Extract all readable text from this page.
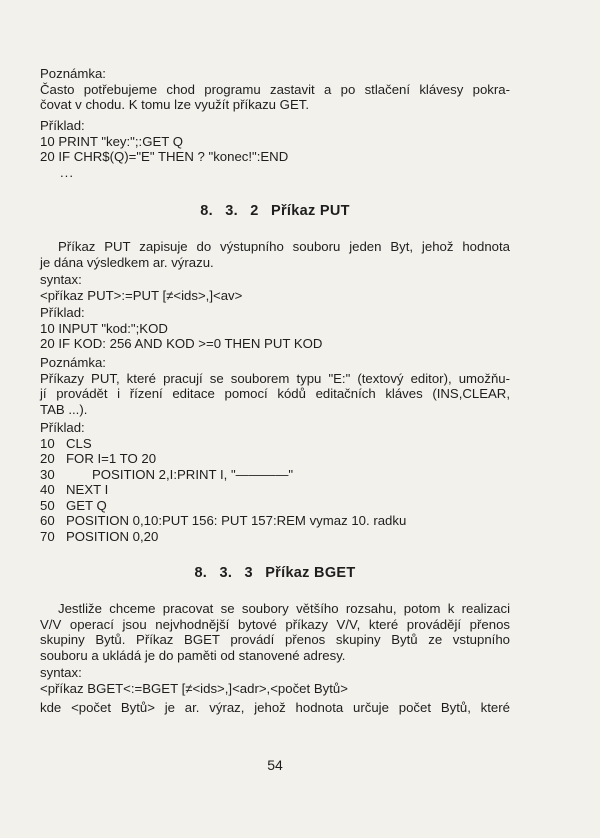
Poznámka:
Často potřebujeme chod programu zastavit a po stlačení klávesy pokra-
čovat v chodu. K tomu lze využít příkazu GET.
Příklad:
10 PRINT "key:";:GET Q
20 IF CHR$(Q)="E" THEN ? "konec!":END
...
8. 3. 2 Příkaz PUT
Příkaz PUT zapisuje do výstupního souboru jeden Byt, jehož hodnota
je dána výsledkem ar. výrazu.
syntax:
<příkaz PUT>:=PUT [≠<ids>,]<av>
Příklad:
10 INPUT "kod:";KOD
20 IF KOD: 256 AND KOD >=0 THEN PUT KOD
Poznámka:
Příkazy PUT, které pracují se souborem typu "E:" (textový editor), umožňu-
jí provádět i řízení editace pomocí kódů editačních kláves (INS,CLEAR,
TAB ...).
Příklad:
10 CLS
20 FOR I=1 TO 20
30	POSITION 2,I:PRINT I, "————"
40 NEXT I
50 GET Q
60 POSITION 0,10:PUT 156: PUT 157:REM vymaz 10. radku
70 POSITION 0,20
8. 3. 3 Příkaz BGET
Jestliže chceme pracovat se soubory většího rozsahu, potom k realizaci
V/V operací jsou nejvhodnější bytové příkazy V/V, které provádějí přenos
skupiny Bytů. Příkaz BGET provádí přenos skupiny Bytů ze vstupního
souboru a ukládá je do paměti od stanovené adresy.
syntax:
<příkaz BGET<:=BGET [≠<ids>,]<adr>,<počet Bytů>
kde <počet Bytů> je ar. výraz, jehož hodnota určuje počet Bytů, které
54
